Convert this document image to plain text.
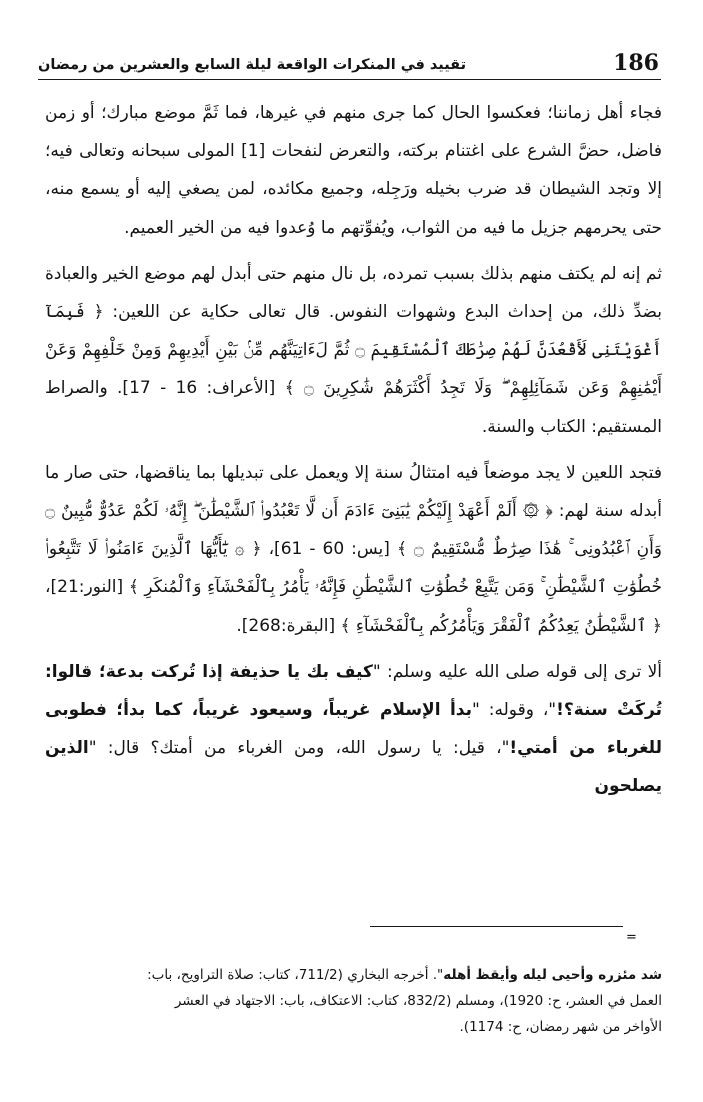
186
تقييد في المنكرات الواقعة ليلة السابع والعشرين من رمضان

فجاء أهل زماننا؛ فعكسوا الحال كما جرى منهم في غيرها، فما ثَمَّ موضع مبارك؛ أو زمن فاضل، حضَّ الشرع على اغتنام بركته، والتعرض لنفحات [1] المولى سبحانه وتعالى فيه؛ إلا وتجد الشيطان قد ضرب بخيله ورَجِله، وجميع مكائده، لمن يصغي إليه أو يسمع منه، حتى يحرمهم جزيل ما فيه من الثواب، ويُفوِّتهم ما وُعدوا فيه من الخير العميم.

ثم إنه لم يكتف منهم بذلك بسبب تمرده، بل نال منهم حتى أبدل لهم موضع الخير والعبادة بضدِّ ذلك، من إحداث البدع وشهوات النفوس. قال تعالى حكاية عن اللعين: ﴿ فَبِمَآ أَغْوَيْتَنِى لَأَقْعُدَنَّ لَهُمْ صِرَٰطَكَ ٱلْمُسْتَقِيمَ ۝ ثُمَّ لَءَاتِيَنَّهُم مِّنۢ بَيْنِ أَيْدِيهِمْ وَمِنْ خَلْفِهِمْ وَعَنْ أَيْمَٰنِهِمْ وَعَن شَمَآئِلِهِمْ ۖ وَلَا تَجِدُ أَكْثَرَهُمْ شَٰكِرِينَ ۝ ﴾ [الأعراف: 16 - 17]. والصراط المستقيم: الكتاب والسنة.

فتجد اللعين لا يجد موضعاً فيه امتثالُ سنة إلا ويعمل على تبديلها بما يناقضها، حتى صار ما أبدله سنة لهم: ﴿ ۞ أَلَمْ أَعْهَدْ إِلَيْكُمْ يَٰبَنِىٓ ءَادَمَ أَن لَّا تَعْبُدُوا۟ ٱلشَّيْطَٰنَ ۖ إِنَّهُۥ لَكُمْ عَدُوٌّ مُّبِينٌ ۝ وَأَنِ ٱعْبُدُونِى ۚ هَٰذَا صِرَٰطٌ مُّسْتَقِيمٌ ۝ ﴾ [يس: 60 - 61]، ﴿ ۞ يَٰٓأَيُّهَا ٱلَّذِينَ ءَامَنُوا۟ لَا تَتَّبِعُوا۟ خُطُوَٰتِ ٱلشَّيْطَٰنِ ۚ وَمَن يَتَّبِعْ خُطُوَٰتِ ٱلشَّيْطَٰنِ فَإِنَّهُۥ يَأْمُرُ بِٱلْفَحْشَآءِ وَٱلْمُنكَرِ ﴾ [النور:21]، ﴿ ٱلشَّيْطَٰنُ يَعِدُكُمُ ٱلْفَقْرَ وَيَأْمُرُكُم بِٱلْفَحْشَآءِ ﴾ [البقرة:268].

ألا ترى إلى قوله صلى الله عليه وسلم: "كيف بك يا حذيفة إذا تُركت بدعة؛ قالوا: تُركَتْ سنة؟!"، وقوله: "بدأ الإسلام غريباً، وسيعود غريباً، كما بدأ؛ فطوبى للغرباء من أمتي!"، قيل: يا رسول الله، ومن الغرباء من أمتك؟ قال: "الذين يصلحون

=

شد مئزره وأحيى ليله وأيقظ أهله". أخرجه البخاري (711/2، كتاب: صلاة التراويح، باب:
العمل في العشر، ح: 1920)، ومسلم (832/2، كتاب: الاعتكاف، باب: الاجتهاد في العشر
الأواخر من شهر رمضان، ح: 1174).
